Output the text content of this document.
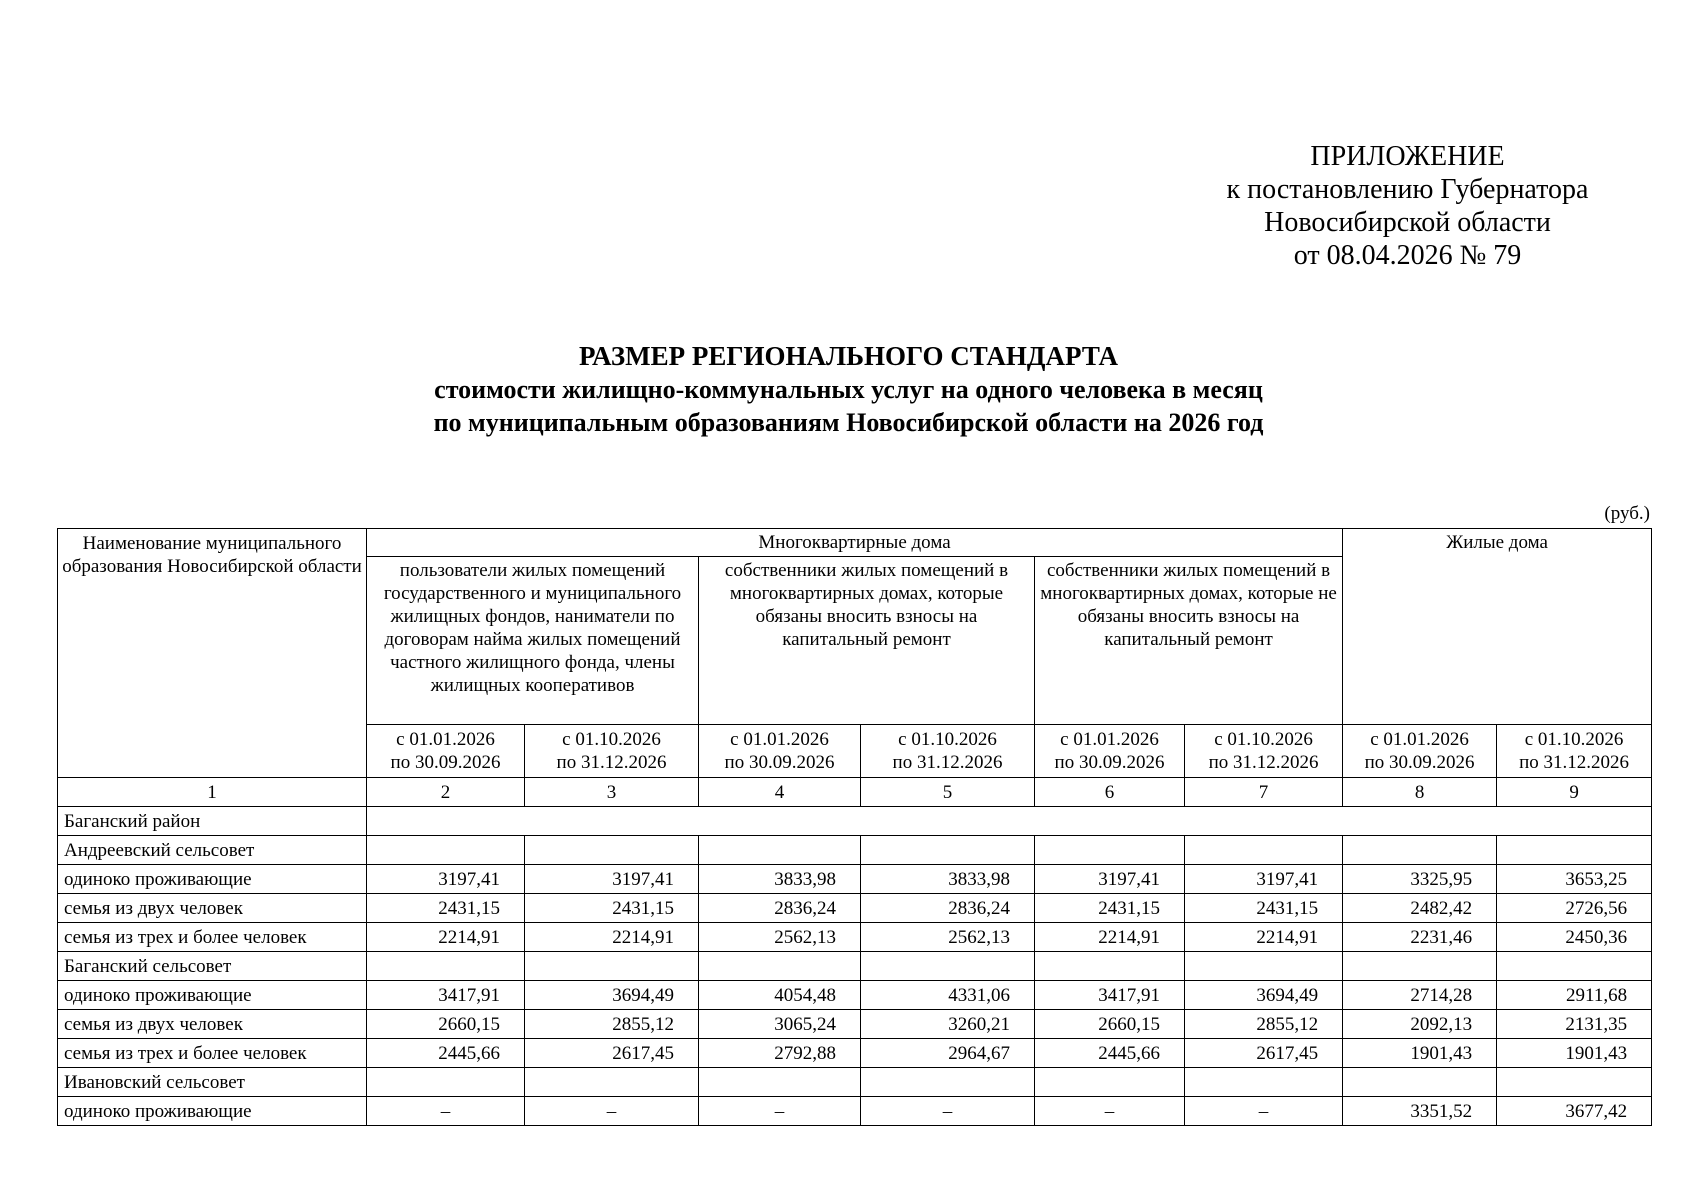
ПРИЛОЖЕНИЕ
к постановлению Губернатора
Новосибирской области
от 08.04.2026 № 79
РАЗМЕР РЕГИОНАЛЬНОГО СТАНДАРТА
стоимости жилищно-коммунальных услуг на одного человека в месяц
по муниципальным образованиям Новосибирской области на 2026 год
(руб.)
Наименование муниципального образования Новосибирской области	Многоквартирные дома						Жилые дома	
	пользователи жилых помещений государственного и муниципального жилищных фондов, наниматели по договорам найма жилых помещений частного жилищного фонда, члены жилищных кооперативов		собственники жилых помещений в многоквартирных домах, которые обязаны вносить взносы на капитальный ремонт		собственники жилых помещений в многоквартирных домах, которые не обязаны вносить взносы на капитальный ремонт			

	с 01.01.2026
по 30.09.2026	с 01.10.2026
по 31.12.2026	с 01.01.2026
по 30.09.2026	с 01.10.2026
по 31.12.2026	с 01.01.2026
по 30.09.2026	с 01.10.2026
по 31.12.2026	с 01.01.2026
по 30.09.2026	с 01.10.2026
по 31.12.2026

1	2	3	4	5	6	7	8	9
Баганский район								
Андреевский сельсовет								
одиноко проживающие	3197,41	3197,41	3833,98	3833,98	3197,41	3197,41	3325,95	3653,25
семья из двух человек	2431,15	2431,15	2836,24	2836,24	2431,15	2431,15	2482,42	2726,56
семья из трех и более человек	2214,91	2214,91	2562,13	2562,13	2214,91	2214,91	2231,46	2450,36
Баганский сельсовет								
одиноко проживающие	3417,91	3694,49	4054,48	4331,06	3417,91	3694,49	2714,28	2911,68
семья из двух человек	2660,15	2855,12	3065,24	3260,21	2660,15	2855,12	2092,13	2131,35
семья из трех и более человек	2445,66	2617,45	2792,88	2964,67	2445,66	2617,45	1901,43	1901,43
Ивановский сельсовет								
одиноко проживающие	–	–	–	–	–	–	3351,52	3677,42
